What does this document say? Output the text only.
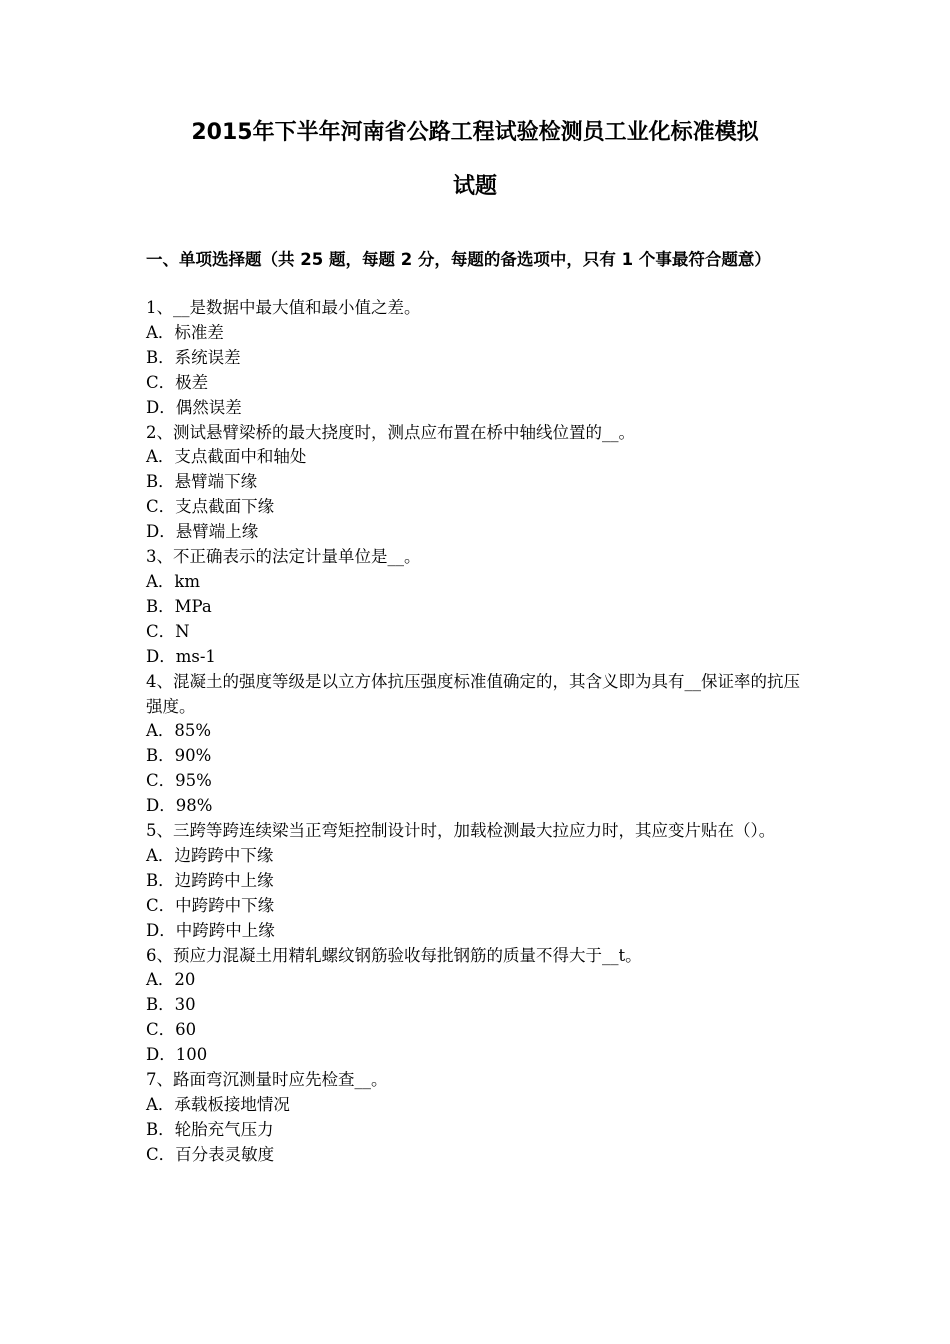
2015年下半年河南省公路工程试验检测员工业化标准模拟
试题
一、单项选择题（共 25 题，每题 2 分，每题的备选项中，只有 1 个事最符合题意）
1、__是数据中最大值和最小值之差。
A．标准差
B．系统误差
C．极差
D．偶然误差
2、测试悬臂梁桥的最大挠度时，测点应布置在桥中轴线位置的__。
A．支点截面中和轴处
B．悬臂端下缘
C．支点截面下缘
D．悬臂端上缘
3、不正确表示的法定计量单位是__。
A．km
B．MPa
C．N
D．ms-1
4、混凝土的强度等级是以立方体抗压强度标准值确定的，其含义即为具有__保证率的抗压强度。
A．85%
B．90%
C．95%
D．98%
5、三跨等跨连续梁当正弯矩控制设计时，加载检测最大拉应力时，其应变片贴在（）。
A．边跨跨中下缘
B．边跨跨中上缘
C．中跨跨中下缘
D．中跨跨中上缘
6、预应力混凝土用精轧螺纹钢筋验收每批钢筋的质量不得大于__t。
A．20
B．30
C．60
D．100
7、路面弯沉测量时应先检查__。
A．承载板接地情况
B．轮胎充气压力
C．百分表灵敏度
